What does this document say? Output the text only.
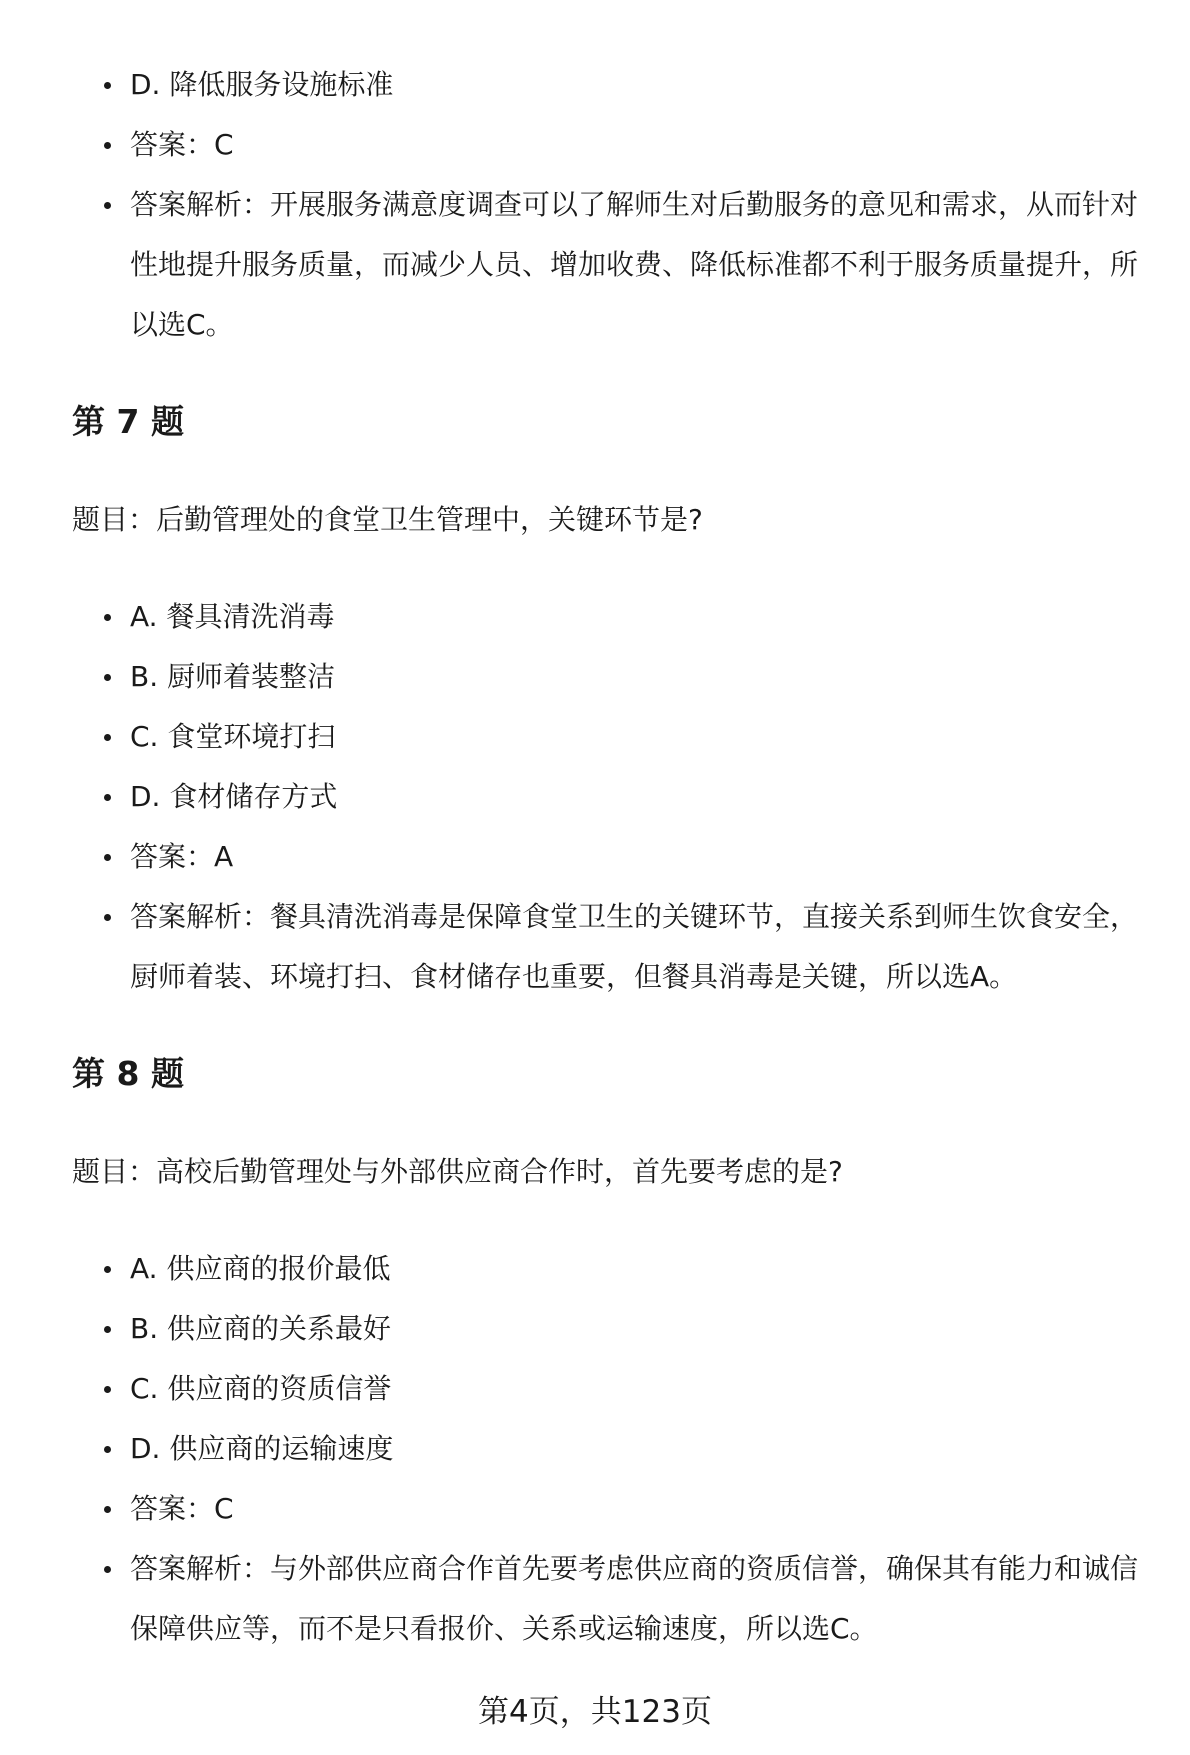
D. 降低服务设施标准
答案：C
答案解析：开展服务满意度调查可以了解师生对后勤服务的意见和需求，从而针对性地提升服务质量，而减少人员、增加收费、降低标准都不利于服务质量提升，所以选C。
第 7 题

题目：后勤管理处的食堂卫生管理中，关键环节是?

A. 餐具清洗消毒
B. 厨师着装整洁
C. 食堂环境打扫
D. 食材储存方式
答案：A
答案解析：餐具清洗消毒是保障食堂卫生的关键环节，直接关系到师生饮食安全，厨师着装、环境打扫、食材储存也重要，但餐具消毒是关键，所以选A。
第 8 题

题目：高校后勤管理处与外部供应商合作时，首先要考虑的是?

A. 供应商的报价最低
B. 供应商的关系最好
C. 供应商的资质信誉
D. 供应商的运输速度
答案：C
答案解析：与外部供应商合作首先要考虑供应商的资质信誉，确保其有能力和诚信保障供应等，而不是只看报价、关系或运输速度，所以选C。
第4页，共123页
